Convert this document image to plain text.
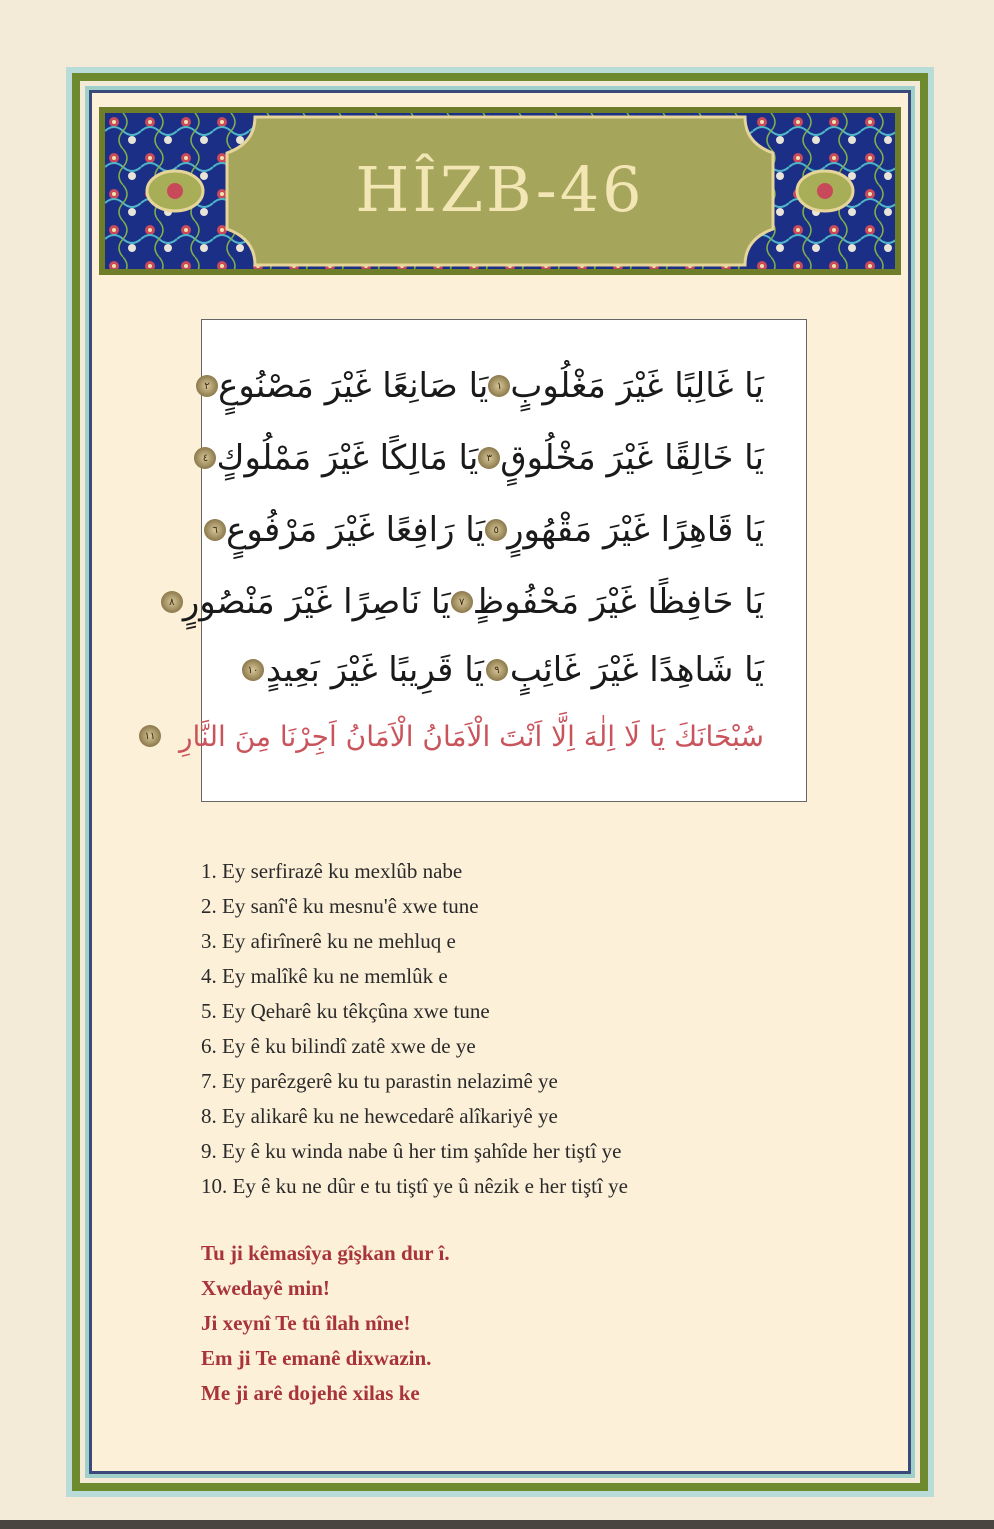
HÎZB-46
يَا غَالِبًا غَيْرَ مَغْلُوبٍ
١
يَا صَانِعًا غَيْرَ مَصْنُوعٍ
٢
يَا خَالِقًا غَيْرَ مَخْلُوقٍ
٣
يَا مَالِكًا غَيْرَ مَمْلُوكٍ
٤
يَا قَاهِرًا غَيْرَ مَقْهُورٍ
٥
يَا رَافِعًا غَيْرَ مَرْفُوعٍ
٦
يَا حَافِظًا غَيْرَ مَحْفُوظٍ
٧
يَا نَاصِرًا غَيْرَ مَنْصُورٍ
٨
يَا شَاهِدًا غَيْرَ غَائِبٍ
٩
يَا قَرِيبًا غَيْرَ بَعِيدٍ
١٠
سُبْحَانَكَ يَا لَا اِلٰهَ اِلَّا اَنْتَ الْاَمَانُ الْاَمَانُ اَجِرْنَا مِنَ النَّارِ
١١
1. Ey serfirazê ku mexlûb nabe
2. Ey sanî'ê ku mesnu'ê xwe tune
3. Ey afirînerê ku ne mehluq e
4. Ey malîkê ku ne memlûk e
5. Ey Qeharê ku têkçûna xwe tune
6. Ey ê ku bilindî zatê xwe de ye
7. Ey parêzgerê ku tu parastin nelazimê ye
8. Ey alikarê ku ne hewcedarê alîkariyê ye
9. Ey ê ku winda nabe û her tim şahîde her tiştî ye
10. Ey ê ku ne dûr e tu tiştî ye û nêzik e her tiştî ye
Tu ji kêmasîya gîşkan dur î.
Xwedayê min!
Ji xeynî Te tû îlah nîne!
Em ji Te emanê dixwazin.
Me ji arê dojehê xilas ke
